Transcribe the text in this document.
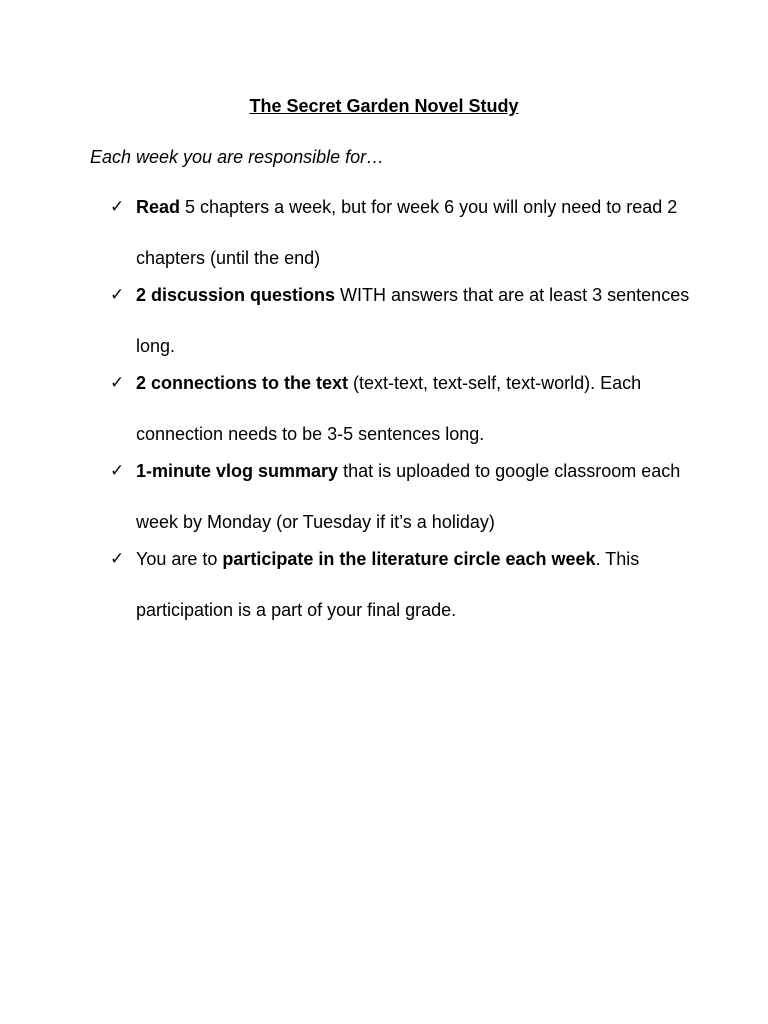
The Secret Garden Novel Study
Each week you are responsible for…
✓ Read 5 chapters a week, but for week 6 you will only need to read 2 chapters (until the end)
✓ 2 discussion questions WITH answers that are at least 3 sentences long.
✓ 2 connections to the text (text-text, text-self, text-world). Each connection needs to be 3-5 sentences long.
✓ 1-minute vlog summary that is uploaded to google classroom each week by Monday (or Tuesday if it’s a holiday)
✓ You are to participate in the literature circle each week. This participation is a part of your final grade.
